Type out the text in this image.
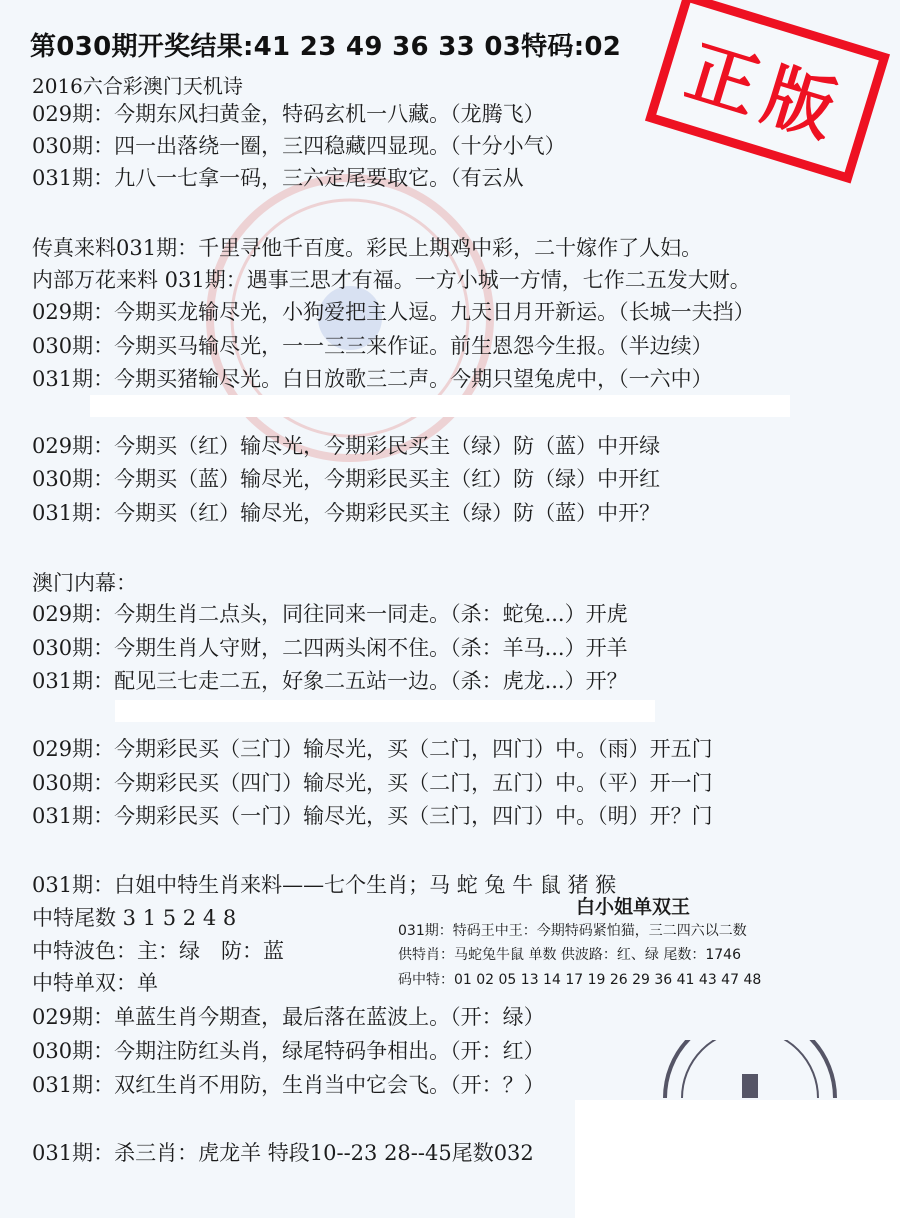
第030期开奖结果:41 23 49 36 33 03特码:02
2016六合彩澳门天机诗	正版
029期：今期东风扫黄金，特码玄机一八藏。（龙腾飞）
030期：四一出落绕一圈，三四稳藏四显现。（十分小气）
031期：九八一七拿一码，三六定尾要取它。（有云从
传真来料031期：千里寻他千百度。彩民上期鸡中彩，二十嫁作了人妇。
内部万花来料 031期：遇事三思才有福。一方小城一方情，七作二五发大财。
029期：今期买龙输尽光，小狗爱把主人逗。九天日月开新运。（长城一夫挡）
030期：今期买马输尽光，一一三三来作证。前生恩怨今生报。（半边续）
031期：今期买猪输尽光。白日放歌三二声。今期只望兔虎中，（一六中）
029期：今期买（红）输尽光，今期彩民买主（绿）防（蓝）中开绿
030期：今期买（蓝）输尽光，今期彩民买主（红）防（绿）中开红
031期：今期买（红）输尽光，今期彩民买主（绿）防（蓝）中开？
澳门内幕：
029期：今期生肖二点头，同往同来一同走。（杀：蛇兔...）开虎
030期：今期生肖人守财，二四两头闲不住。（杀：羊马...）开羊
031期：配见三七走二五，好象二五站一边。（杀：虎龙...）开？
029期：今期彩民买（三门）输尽光，买（二门，四门）中。（雨）开五门
030期：今期彩民买（四门）输尽光，买（二门，五门）中。（平）开一门
031期：今期彩民买（一门）输尽光，买（三门，四门）中。（明）开？门
031期：白姐中特生肖来料——七个生肖；马 蛇 兔 牛 鼠 猪 猴
中特尾数 3 1 5 2 4 8
中特波色：主：绿　防：蓝
中特单双：单
029期：单蓝生肖今期查，最后落在蓝波上。（开：绿）
030期：今期注防红头肖，绿尾特码争相出。（开：红）
031期：双红生肖不用防，生肖当中它会飞。（开：？）
031期：杀三肖：虎龙羊 特段10--23 28--45尾数032
白小姐单双王
031期：特码王中王：今期特码紧怕猫，三二四六以二数
供特肖：马蛇兔牛鼠 单数 供波路：红、绿 尾数：1746
码中特：01 02 05 13 14 17 19 26 29 36 41 43 47 48
